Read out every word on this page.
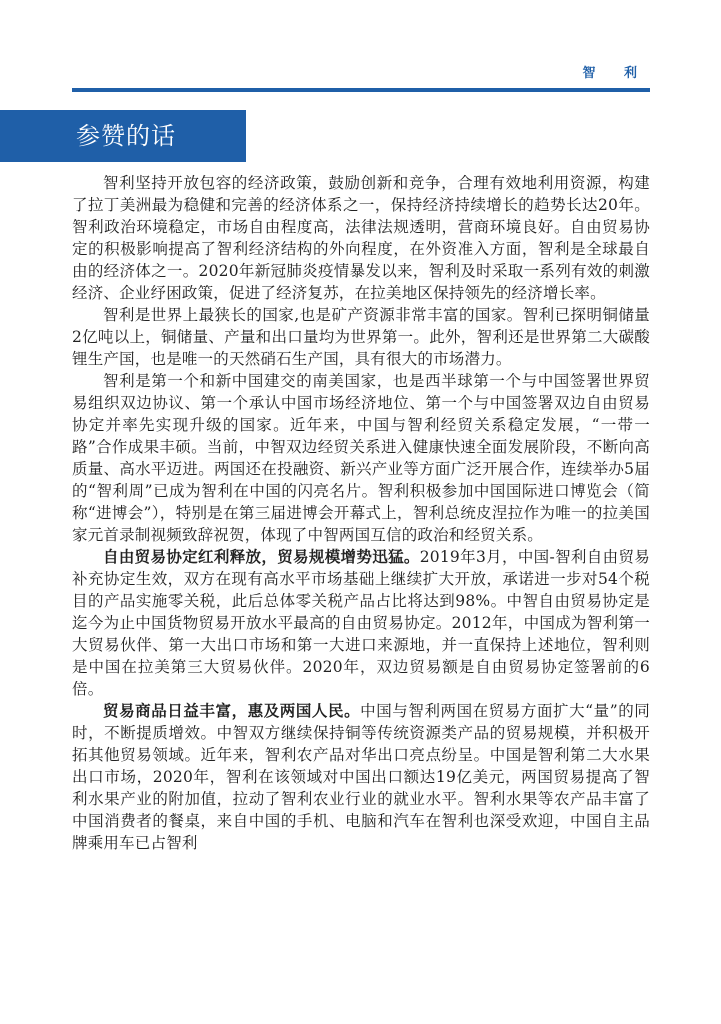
智 利
参赞的话

智利坚持开放包容的经济政策，鼓励创新和竞争，合理有效地利用资源，构建了拉丁美洲最为稳健和完善的经济体系之一，保持经济持续增长的趋势长达20年。智利政治环境稳定，市场自由程度高，法律法规透明，营商环境良好。自由贸易协定的积极影响提高了智利经济结构的外向程度，在外资准入方面，智利是全球最自由的经济体之一。2020年新冠肺炎疫情暴发以来，智利及时采取一系列有效的刺激经济、企业纾困政策，促进了经济复苏，在拉美地区保持领先的经济增长率。

智利是世界上最狭长的国家,也是矿产资源非常丰富的国家。智利已探明铜储量2亿吨以上，铜储量、产量和出口量均为世界第一。此外，智利还是世界第二大碳酸锂生产国，也是唯一的天然硝石生产国，具有很大的市场潜力。

智利是第一个和新中国建交的南美国家，也是西半球第一个与中国签署世界贸易组织双边协议、第一个承认中国市场经济地位、第一个与中国签署双边自由贸易协定并率先实现升级的国家。近年来，中国与智利经贸关系稳定发展，“一带一路”合作成果丰硕。当前，中智双边经贸关系进入健康快速全面发展阶段，不断向高质量、高水平迈进。两国还在投融资、新兴产业等方面广泛开展合作，连续举办5届的“智利周”已成为智利在中国的闪亮名片。智利积极参加中国国际进口博览会（简称“进博会”），特别是在第三届进博会开幕式上，智利总统皮涅拉作为唯一的拉美国家元首录制视频致辞祝贺，体现了中智两国互信的政治和经贸关系。

自由贸易协定红利释放，贸易规模增势迅猛。2019年3月，中国-智利自由贸易补充协定生效，双方在现有高水平市场基础上继续扩大开放，承诺进一步对54个税目的产品实施零关税，此后总体零关税产品占比将达到98%。中智自由贸易协定是迄今为止中国货物贸易开放水平最高的自由贸易协定。2012年，中国成为智利第一大贸易伙伴、第一大出口市场和第一大进口来源地，并一直保持上述地位，智利则是中国在拉美第三大贸易伙伴。2020年，双边贸易额是自由贸易协定签署前的6倍。

贸易商品日益丰富，惠及两国人民。中国与智利两国在贸易方面扩大“量”的同时，不断提质增效。中智双方继续保持铜等传统资源类产品的贸易规模，并积极开拓其他贸易领域。近年来，智利农产品对华出口亮点纷呈。中国是智利第二大水果出口市场，2020年，智利在该领域对中国出口额达19亿美元，两国贸易提高了智利水果产业的附加值，拉动了智利农业行业的就业水平。智利水果等农产品丰富了中国消费者的餐桌，来自中国的手机、电脑和汽车在智利也深受欢迎，中国自主品牌乘用车已占智利
